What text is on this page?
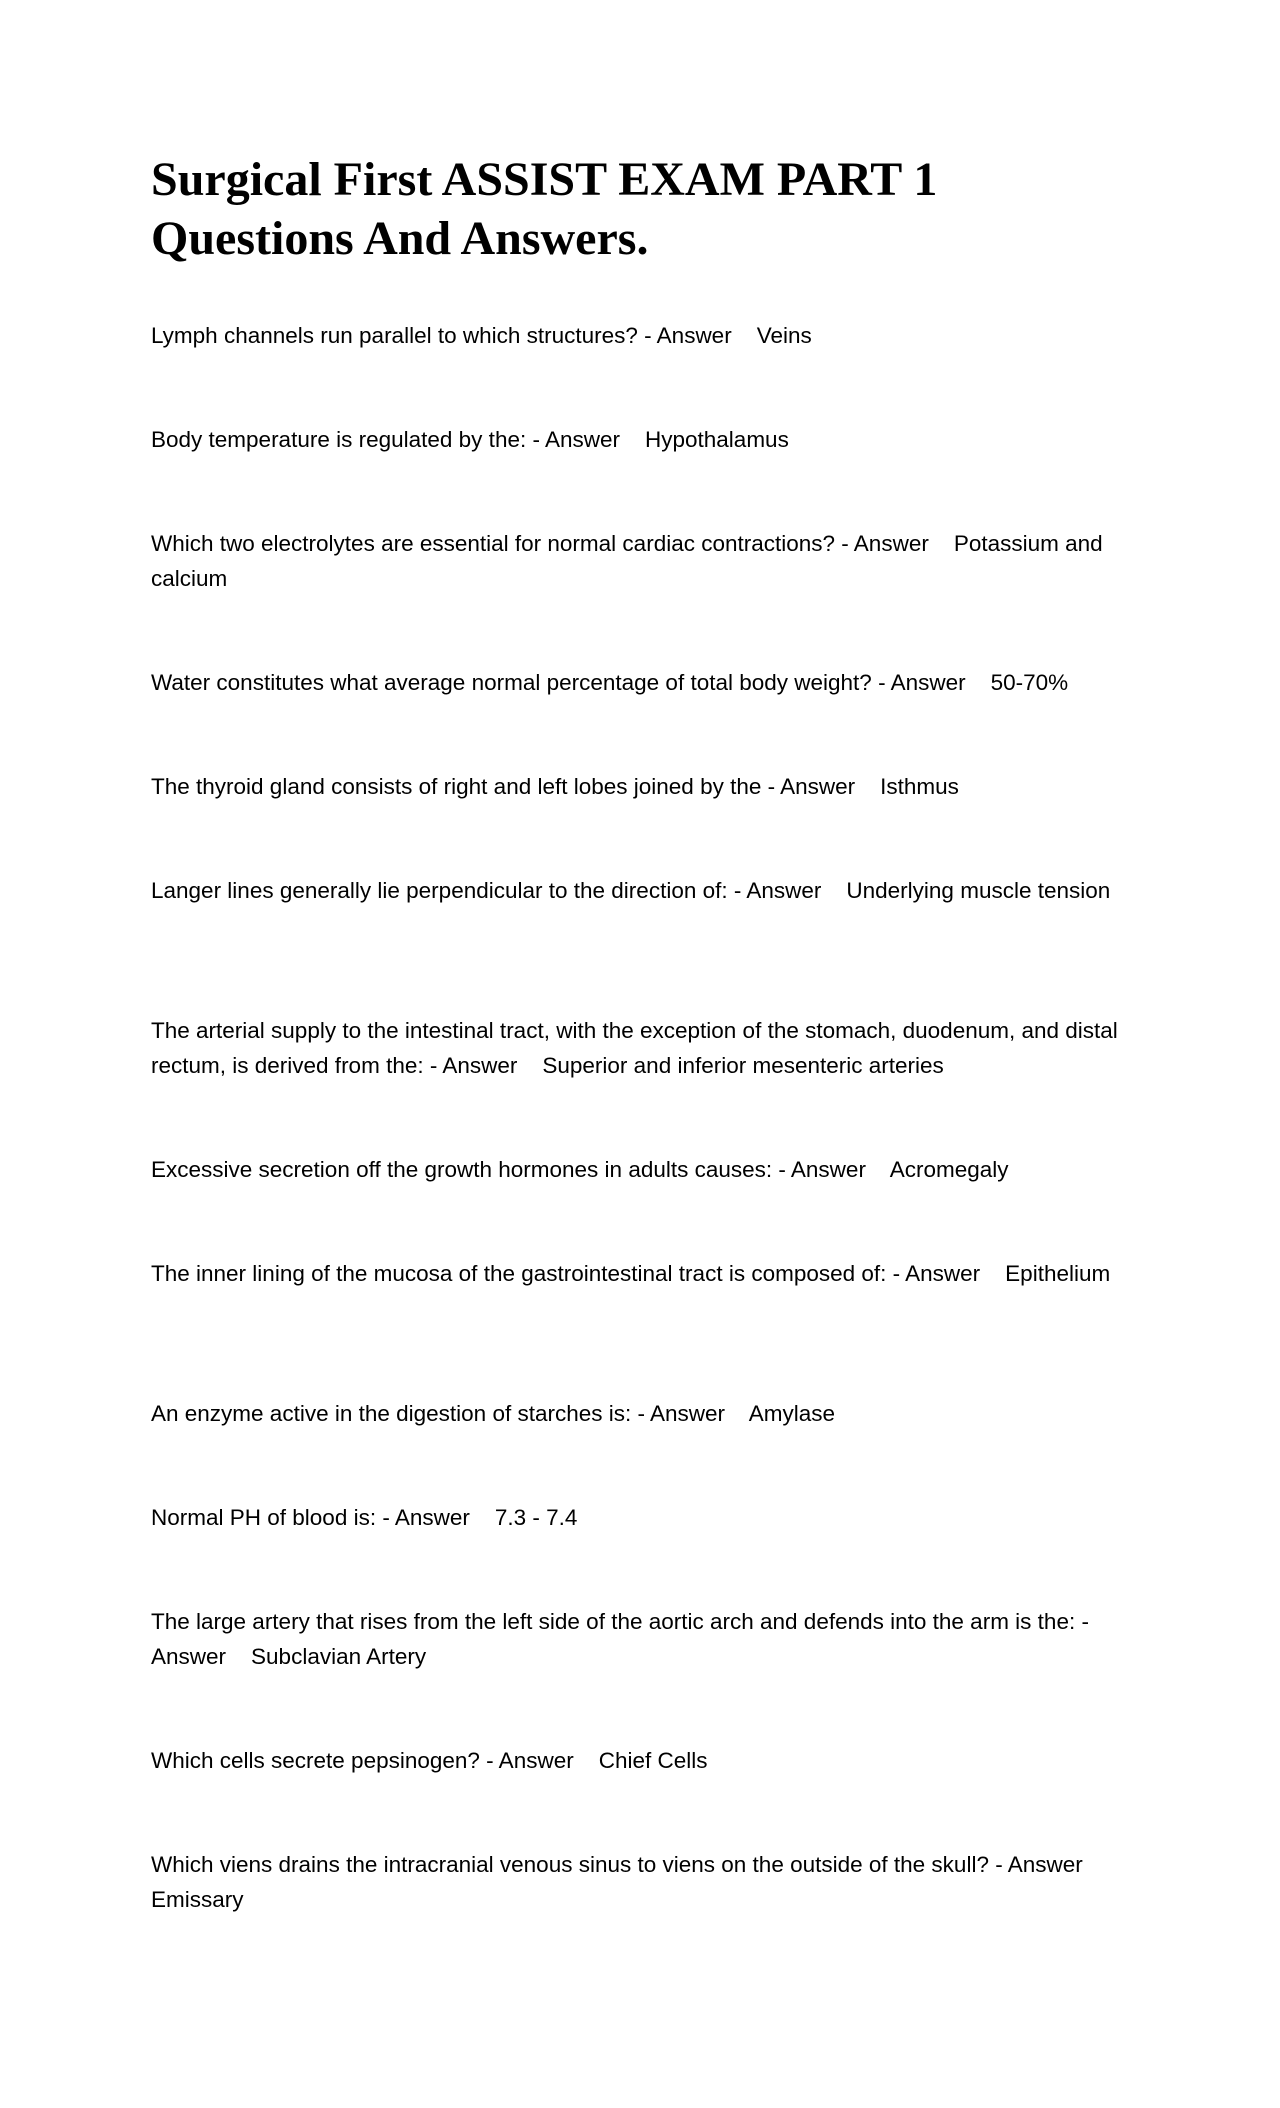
Surgical First ASSIST EXAM PART 1 Questions And Answers.

Lymph channels run parallel to which structures? - Answer    Veins

Body temperature is regulated by the: - Answer    Hypothalamus

Which two electrolytes are essential for normal cardiac contractions? - Answer    Potassium and calcium

Water constitutes what average normal percentage of total body weight? - Answer    50-70%

The thyroid gland consists of right and left lobes joined by the - Answer    Isthmus

Langer lines generally lie perpendicular to the direction of: - Answer    Underlying muscle tension

The arterial supply to the intestinal tract, with the exception of the stomach, duodenum, and distal rectum, is derived from the: - Answer    Superior and inferior mesenteric arteries

Excessive secretion off the growth hormones in adults causes: - Answer    Acromegaly

The inner lining of the mucosa of the gastrointestinal tract is composed of: - Answer    Epithelium

An enzyme active in the digestion of starches is: - Answer    Amylase

Normal PH of blood is: - Answer    7.3 - 7.4

The large artery that rises from the left side of the aortic arch and defends into the arm is the: - Answer    Subclavian Artery

Which cells secrete pepsinogen? - Answer    Chief Cells

Which viens drains the intracranial venous sinus to viens on the outside of the skull? - Answer    Emissary
